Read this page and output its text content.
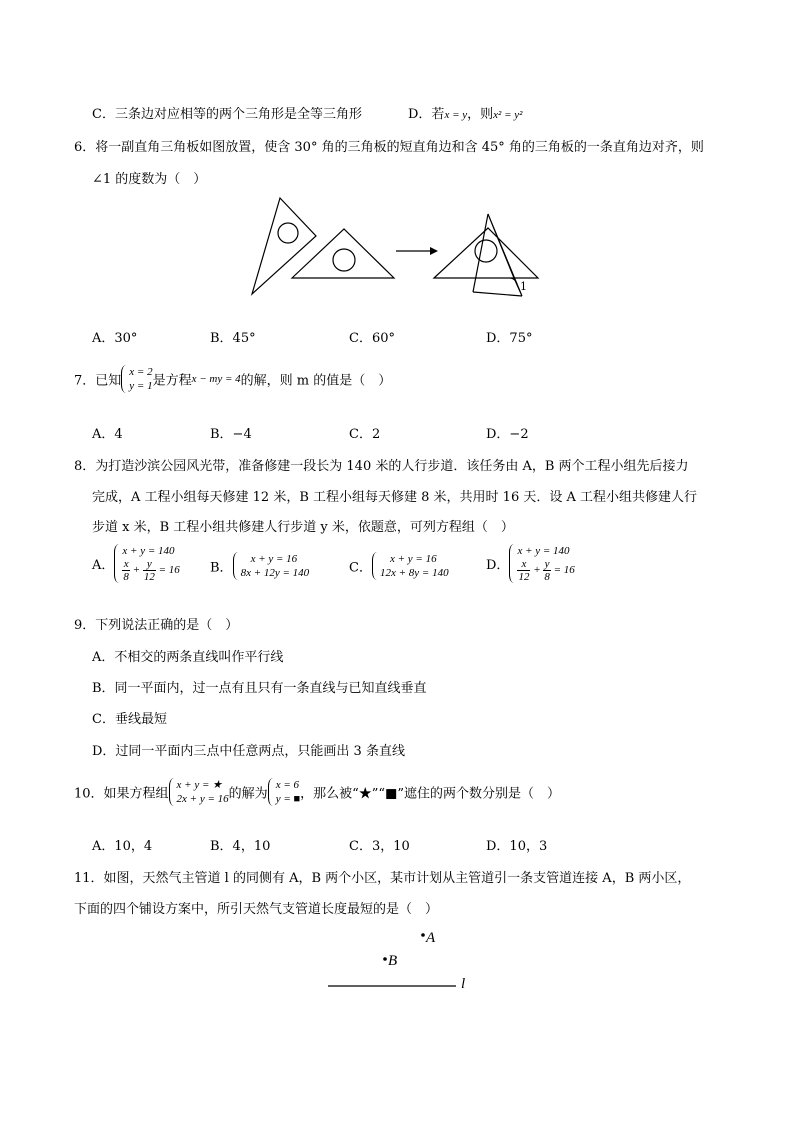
C．三条边对应相等的两个三角形是全等三角形	D．若x = y，则x² = y²
6．将一副直角三角板如图放置，使含 30° 角的三角板的短直角边和含 45° 角的三角板的一条直角边对齐，则
∠1 的度数为（　）
1
A．30°	B．45°	C．60°	D．75°
7．已知
x = 2
y = 1 是方程x − my = 4的解，则 m 的值是（　）
A．4	B．−4	C．2	D．−2
8．为打造沙滨公园风光带，准备修建一段长为 140 米的人行步道．该任务由 A，B 两个工程小组先后接力
完成，A 工程小组每天修建 12 米，B 工程小组每天修建 8 米，共用时 16 天．设 A 工程小组共修建人行
步道 x 米，B 工程小组共修建人行步道 y 米，依题意，可列方程组（　）
A．
x + y = 140
$\frac{x}{8} + \frac{y}{12} = 16$ B．
x + y = 16
8x + 12y = 140	C．
x + y = 16
12x + 8y = 140	D．
x + y = 140
$\frac{x}{12} + \frac{y}{8} = 16$
9．下列说法正确的是（　）
A．不相交的两条直线叫作平行线
B．同一平面内，过一点有且只有一条直线与已知直线垂直
C．垂线最短
D．过同一平面内三点中任意两点，只能画出 3 条直线
10．如果方程组
x + y = ★
2x + y = 16 的解为
x = 6
y = ■ ，那么被“★”“■”遮住的两个数分别是（　）
A．10，4	B．4，10	C．3，10	D．10，3
11．如图，天然气主管道 l 的同侧有 A，B 两个小区，某市计划从主管道引一条支管道连接 A，B 两小区，
下面的四个铺设方案中，所引天然气支管道长度最短的是（　）
A
B
l
